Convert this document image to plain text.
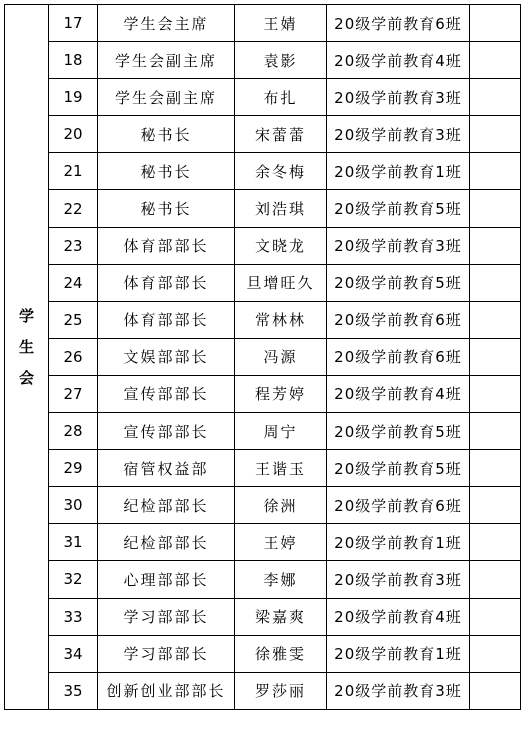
学生会	17	学生会主席	王婧	20级学前教育6班	
	18	学生会副主席	袁影	20级学前教育4班	
	19	学生会副主席	布扎	20级学前教育3班	
	20	秘书长	宋蕾蕾	20级学前教育3班	
	21	秘书长	余冬梅	20级学前教育1班	
	22	秘书长	刘浩琪	20级学前教育5班	
	23	体育部部长	文晓龙	20级学前教育3班	
	24	体育部部长	旦增旺久	20级学前教育5班	
	25	体育部部长	常林林	20级学前教育6班	
	26	文娱部部长	冯源	20级学前教育6班	
	27	宣传部部长	程芳婷	20级学前教育4班	
	28	宣传部部长	周宁	20级学前教育5班	
	29	宿管权益部	王谐玉	20级学前教育5班	
	30	纪检部部长	徐洲	20级学前教育6班	
	31	纪检部部长	王婷	20级学前教育1班	
	32	心理部部长	李娜	20级学前教育3班	
	33	学习部部长	梁嘉爽	20级学前教育4班	
	34	学习部部长	徐雅雯	20级学前教育1班	
	35	创新创业部部长	罗莎丽	20级学前教育3班	
